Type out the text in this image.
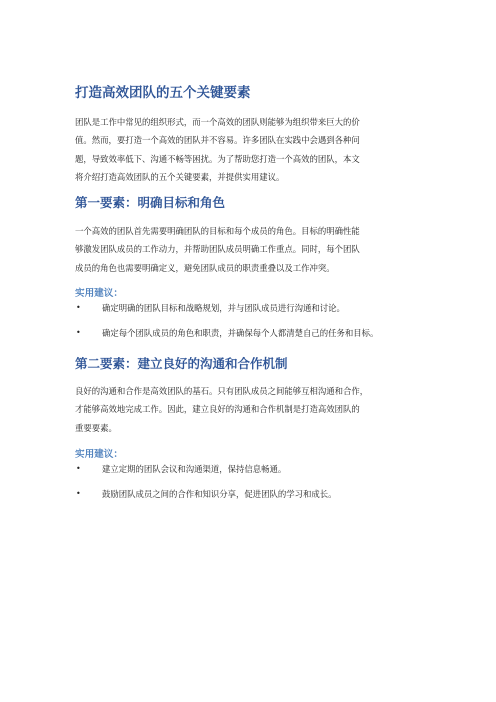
打造高效团队的五个关键要素

团队是工作中常见的组织形式，而一个高效的团队则能够为组织带来巨大的价
值。然而，要打造一个高效的团队并不容易。许多团队在实践中会遇到各种问
题，导致效率低下、沟通不畅等困扰。为了帮助您打造一个高效的团队，本文
将介绍打造高效团队的五个关键要素，并提供实用建议。

第一要素：明确目标和角色

一个高效的团队首先需要明确团队的目标和每个成员的角色。目标的明确性能
够激发团队成员的工作动力，并帮助团队成员明确工作重点。同时，每个团队
成员的角色也需要明确定义，避免团队成员的职责重叠以及工作冲突。

实用建议：
•	确定明确的团队目标和战略规划，并与团队成员进行沟通和讨论。
•	确定每个团队成员的角色和职责，并确保每个人都清楚自己的任务和目标。
第二要素：建立良好的沟通和合作机制

良好的沟通和合作是高效团队的基石。只有团队成员之间能够互相沟通和合作，
才能够高效地完成工作。因此，建立良好的沟通和合作机制是打造高效团队的
重要要素。

实用建议：
•	建立定期的团队会议和沟通渠道，保持信息畅通。
•	鼓励团队成员之间的合作和知识分享，促进团队的学习和成长。
